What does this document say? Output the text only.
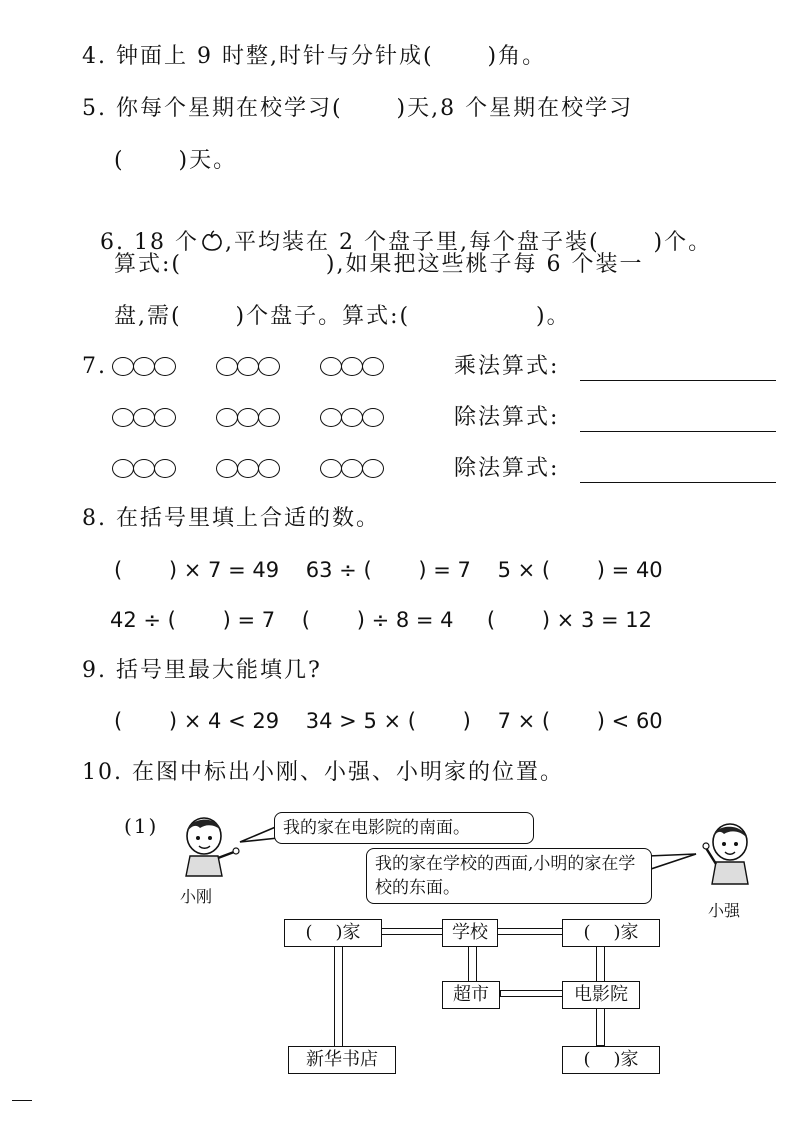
4. 钟面上 9 时整,时针与分针成(      )角。
5. 你每个星期在校学习(      )天,8 个星期在校学习
(      )天。

6. 18 个 ,平均装在 2 个盘子里,每个盘子装(      )个。

算式:(                ),如果把这些桃子每 6 个装一
盘,需(      )个盘子。算式:(              )。
7.	乘法算式:
除法算式:
除法算式:
8. 在括号里填上合适的数。
(       ) × 7 = 49    63 ÷ (       ) = 7    5 × (       ) = 40
42 ÷ (       ) = 7    (       ) ÷ 8 = 4     (       ) × 3 = 12
9. 括号里最大能填几?
(       ) × 4 < 29    34 > 5 × (       )    7 × (       ) < 60
10. 在图中标出小刚、小强、小明家的位置。
(1)
小刚
小强
我的家在电影院的南面。
我的家在学校的西面,小明的家在学校的东面。
(    )家	学校	(    )家
超市	电影院
新华书店	(    )家
